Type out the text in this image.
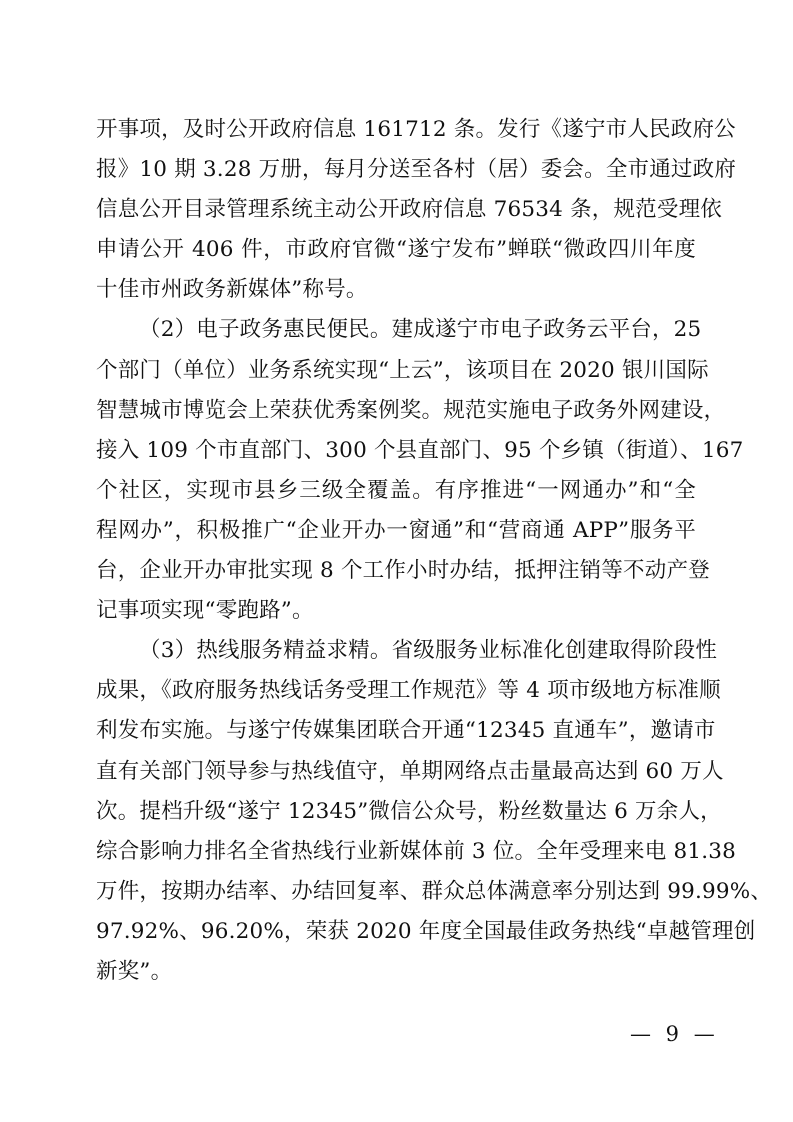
开事项，及时公开政府信息 161712 条。发行《遂宁市人民政府公
报》10 期 3.28 万册，每月分送至各村（居）委会。全市通过政府
信息公开目录管理系统主动公开政府信息 76534 条，规范受理依
申请公开 406 件，市政府官微“遂宁发布”蝉联“微政四川年度
十佳市州政务新媒体”称号。
（2）电子政务惠民便民。建成遂宁市电子政务云平台，25
个部门（单位）业务系统实现“上云”，该项目在 2020 银川国际
智慧城市博览会上荣获优秀案例奖。规范实施电子政务外网建设，
接入 109 个市直部门、300 个县直部门、95 个乡镇（街道）、167
个社区，实现市县乡三级全覆盖。有序推进“一网通办”和“全
程网办”，积极推广“企业开办一窗通”和“营商通 APP”服务平
台，企业开办审批实现 8 个工作小时办结，抵押注销等不动产登
记事项实现“零跑路”。
（3）热线服务精益求精。省级服务业标准化创建取得阶段性
成果，《政府服务热线话务受理工作规范》等 4 项市级地方标准顺
利发布实施。与遂宁传媒集团联合开通“12345 直通车”，邀请市
直有关部门领导参与热线值守，单期网络点击量最高达到 60 万人
次。提档升级“遂宁 12345”微信公众号，粉丝数量达 6 万余人，
综合影响力排名全省热线行业新媒体前 3 位。全年受理来电 81.38
万件，按期办结率、办结回复率、群众总体满意率分别达到 99.99%、
97.92%、96.20%，荣获 2020 年度全国最佳政务热线“卓越管理创
新奖”。
— 9 —
